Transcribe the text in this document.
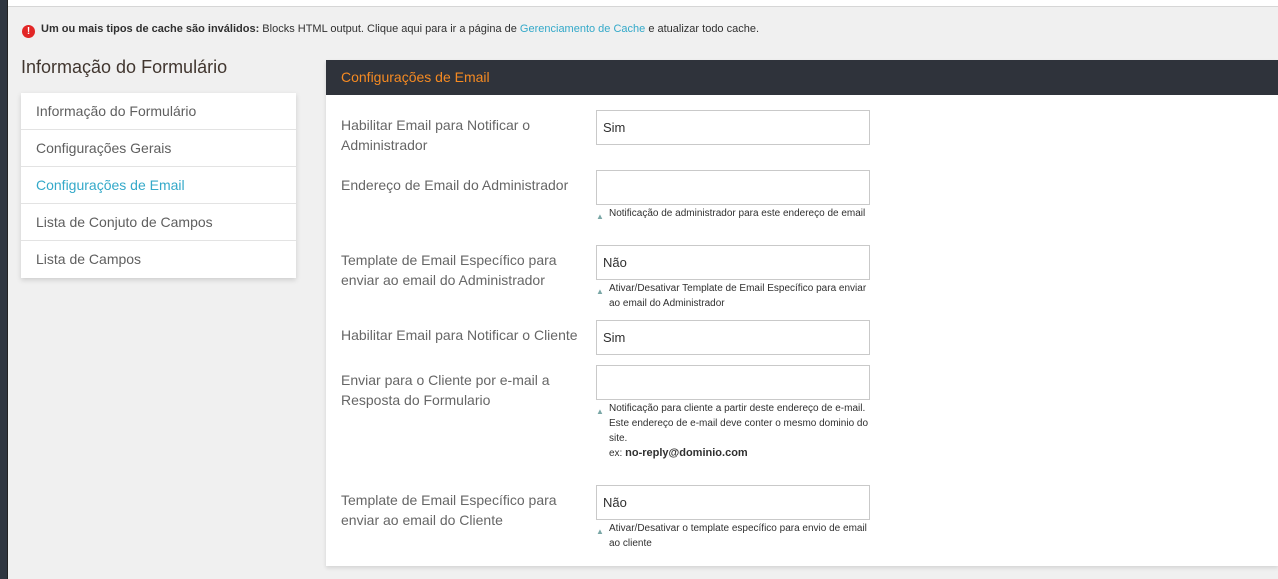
! Um ou mais tipos de cache são inválidos: Blocks HTML output. Clique aqui para ir a página de Gerenciamento de Cache e atualizar todo cache.
Informação do Formulário
Informação do Formulário
Configurações Gerais
Configurações de Email
Lista de Conjuto de Campos
Lista de Campos
Configurações de Email
Habilitar Email para Notificar o Administrador
Sim
Endereço de Email do Administrador
▲ Notificação de administrador para este endereço de email
Template de Email Específico para enviar ao email do Administrador
Não
▲ Ativar/Desativar Template de Email Específico para enviar ao email do Administrador
Habilitar Email para Notificar o Cliente	Sim
Enviar para o Cliente por e-mail a Resposta do Formulario
▲ Notificação para cliente a partir deste endereço de e-mail.
Este endereço de e-mail deve conter o mesmo dominio do site.
ex: no-reply@dominio.com
Template de Email Específico para enviar ao email do Cliente
Não
▲ Ativar/Desativar o template específico para envio de email ao cliente
